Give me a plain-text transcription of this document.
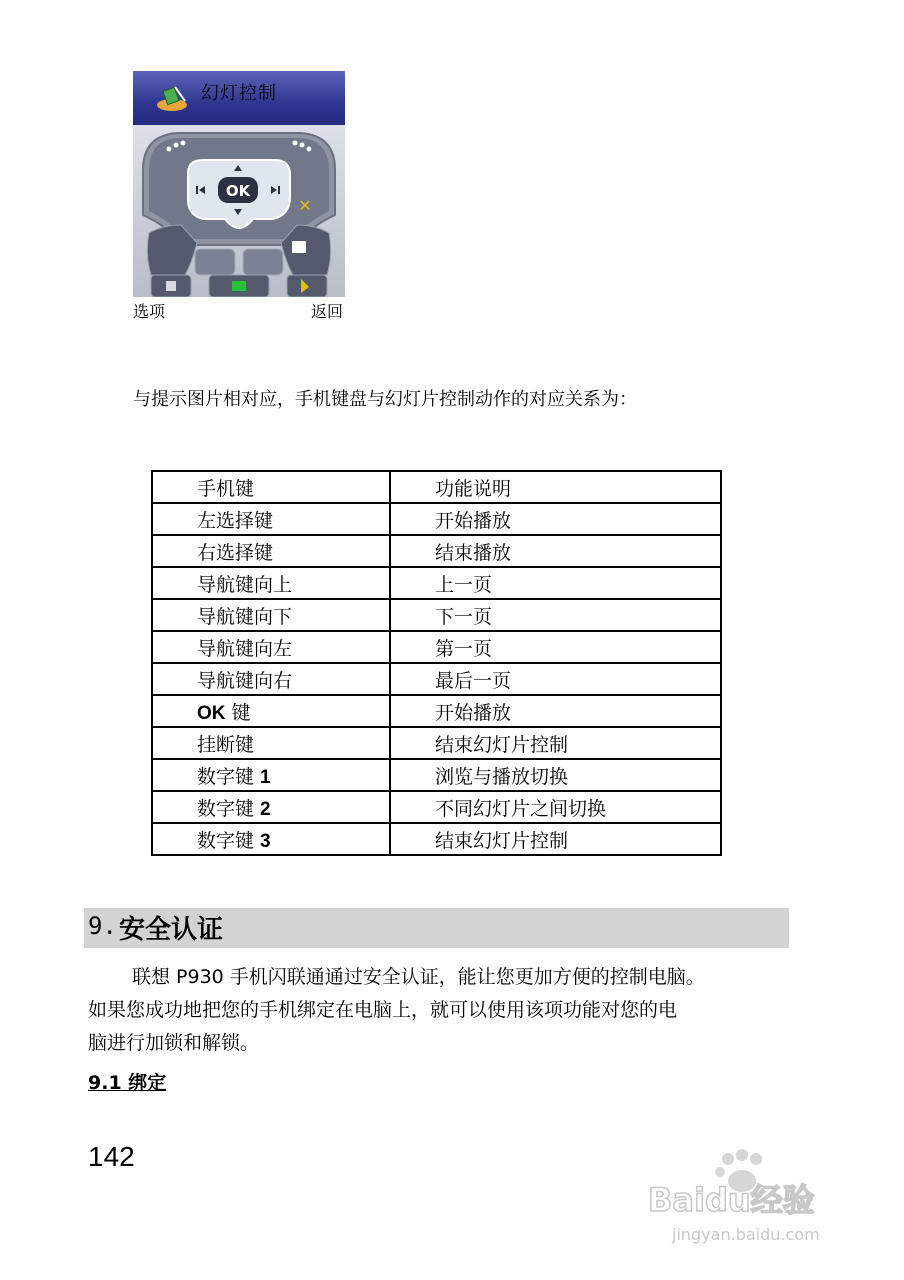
幻灯控制
OK
✕
选项	返回
与提示图片相对应，手机键盘与幻灯片控制动作的对应关系为：
手机键	功能说明
左选择键	开始播放
右选择键	结束播放
导航键向上	上一页
导航键向下	下一页
导航键向左	第一页
导航键向右	最后一页
OK 键	开始播放
挂断键	结束幻灯片控制
数字键 1	浏览与播放切换
数字键 2	不同幻灯片之间切换
数字键 3	结束幻灯片控制
9. 安全认证
联想 P930 手机闪联通通过安全认证，能让您更加方便的控制电脑。
如果您成功地把您的手机绑定在电脑上，就可以使用该项功能对您的电
脑进行加锁和解锁。
9.1 绑定
142
Baidu经验
jingyan.baidu.com
